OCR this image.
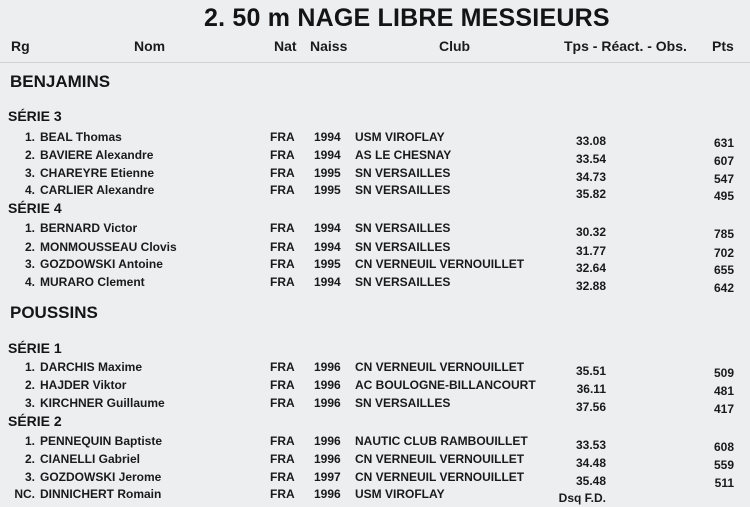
2. 50 m NAGE LIBRE MESSIEURS
Rg	Nom	Nat Naiss	Club	Tps - Réact. - Obs. Pts
BENJAMINS
SÉRIE 3
1. BEAL Thomas	FRA 1994 USM VIROFLAY	33.08	631
2. BAVIERE Alexandre	FRA 1994 AS LE CHESNAY	33.54	607
3. CHAREYRE Etienne	FRA 1995 SN VERSAILLES	34.73	547
4. CARLIER Alexandre	FRA 1995 SN VERSAILLES	35.82	495
SÉRIE 4
1. BERNARD Victor	FRA 1994 SN VERSAILLES	30.32	785
2. MONMOUSSEAU Clovis	FRA 1994 SN VERSAILLES	31.77	702
3. GOZDOWSKI Antoine	FRA 1995 CN VERNEUIL VERNOUILLET	32.64	655
4. MURARO Clement	FRA 1994 SN VERSAILLES	32.88	642
POUSSINS
SÉRIE 1
1. DARCHIS Maxime	FRA 1996 CN VERNEUIL VERNOUILLET	35.51	509
2. HAJDER Viktor	FRA 1996 AC BOULOGNE-BILLANCOURT	36.11	481
3. KIRCHNER Guillaume	FRA 1996 SN VERSAILLES	37.56	417
SÉRIE 2
1. PENNEQUIN Baptiste	FRA 1996 NAUTIC CLUB RAMBOUILLET	33.53	608
2. CIANELLI Gabriel	FRA 1996 CN VERNEUIL VERNOUILLET	34.48	559
3. GOZDOWSKI Jerome	FRA 1997 CN VERNEUIL VERNOUILLET	35.48	511
NC. DINNICHERT Romain	FRA 1996 USM VIROFLAY	Dsq F.D.
